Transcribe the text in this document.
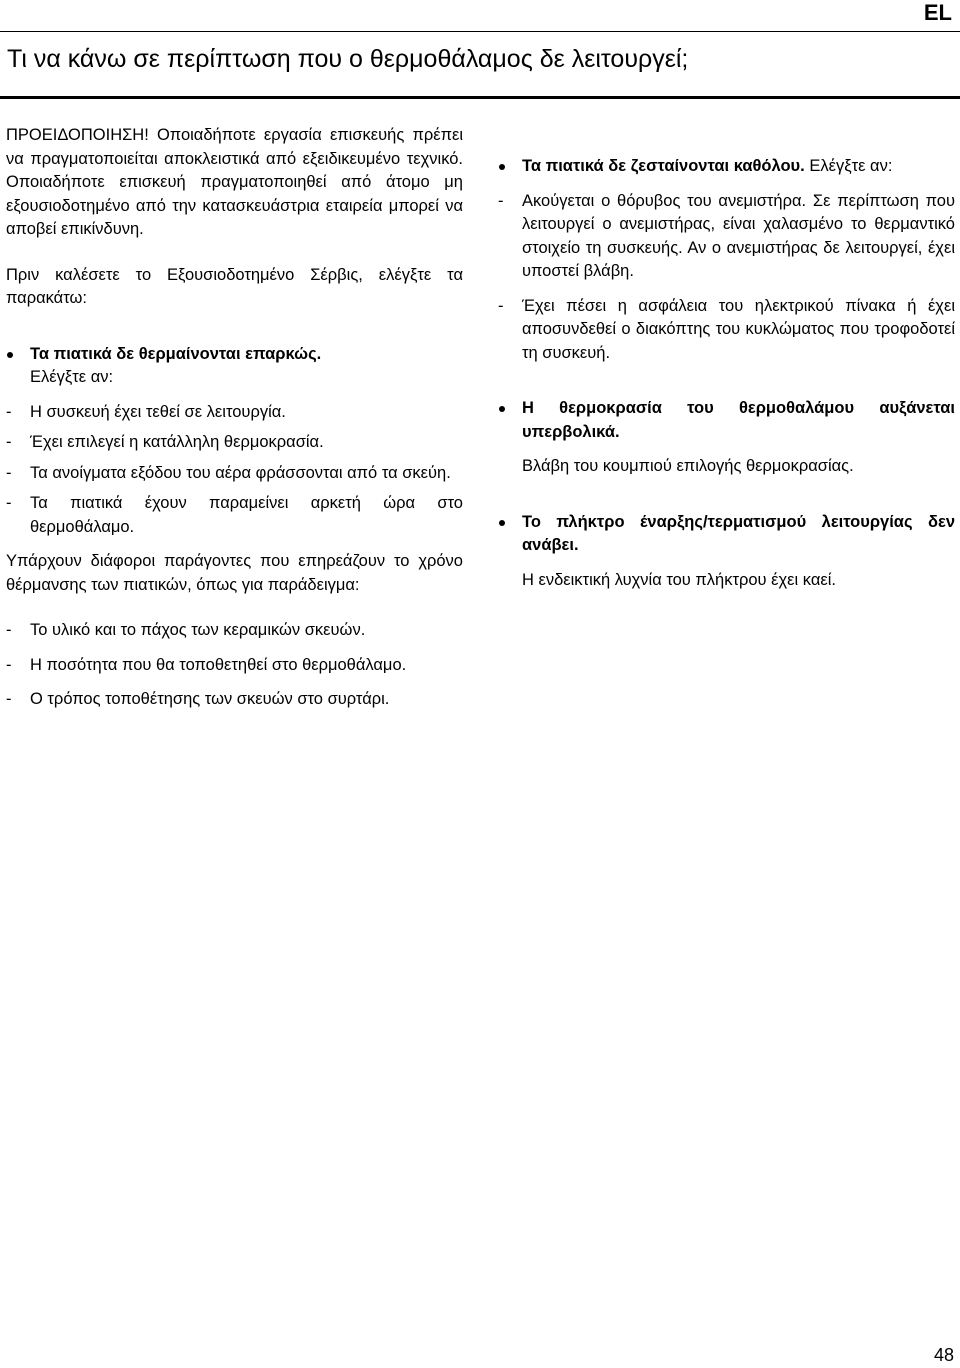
EL
Τι να κάνω σε περίπτωση που ο θερμοθάλαμος δε λειτουργεί;

ΠΡΟΕΙΔΟΠΟΙΗΣΗ! Οποιαδήποτε εργασία επισκευής πρέπει να πραγματοποιείται αποκλειστικά από εξειδικευμένο τεχνικό. Οποιαδήποτε επισκευή πραγματοποιηθεί από άτομο μη εξουσιοδοτημένο από την κατασκευάστρια εταιρεία μπορεί να αποβεί επικίνδυνη.

Πριν καλέσετε το Εξουσιοδοτημένο Σέρβις, ελέγξτε τα παρακάτω:

Τα πιατικά δε θερμαίνονται επαρκώς.

Ελέγξτε αν:

- Η συσκευή έχει τεθεί σε λειτουργία.

- Έχει επιλεγεί η κατάλληλη θερμοκρασία.

- Τα ανοίγματα εξόδου του αέρα φράσσονται από τα σκεύη.

- Τα πιατικά έχουν παραμείνει αρκετή ώρα στο θερμοθάλαμο.

Υπάρχουν διάφοροι παράγοντες που επηρεάζουν το χρόνο θέρμανσης των πιατικών, όπως για παράδειγμα:

- Το υλικό και το πάχος των κεραμικών σκευών.

- Η ποσότητα που θα τοποθετηθεί στο θερμοθάλαμο.

- Ο τρόπος τοποθέτησης των σκευών στο συρτάρι.

Τα πιατικά δε ζεσταίνονται καθόλου. Ελέγξτε αν:

- Ακούγεται ο θόρυβος του ανεμιστήρα. Σε περίπτωση που λειτουργεί ο ανεμιστήρας, είναι χαλασμένο το θερμαντικό στοιχείο τη συσκευής. Αν ο ανεμιστήρας δε λειτουργεί, έχει υποστεί βλάβη.

- Έχει πέσει η ασφάλεια του ηλεκτρικού πίνακα ή έχει αποσυνδεθεί ο διακόπτης του κυκλώματος που τροφοδοτεί τη συσκευή.

Η θερμοκρασία του θερμοθαλάμου αυξάνεται υπερβολικά.

Βλάβη του κουμπιού επιλογής θερμοκρασίας.

Το πλήκτρο έναρξης/τερματισμού λειτουργίας δεν ανάβει.

Η ενδεικτική λυχνία του πλήκτρου έχει καεί.

48
